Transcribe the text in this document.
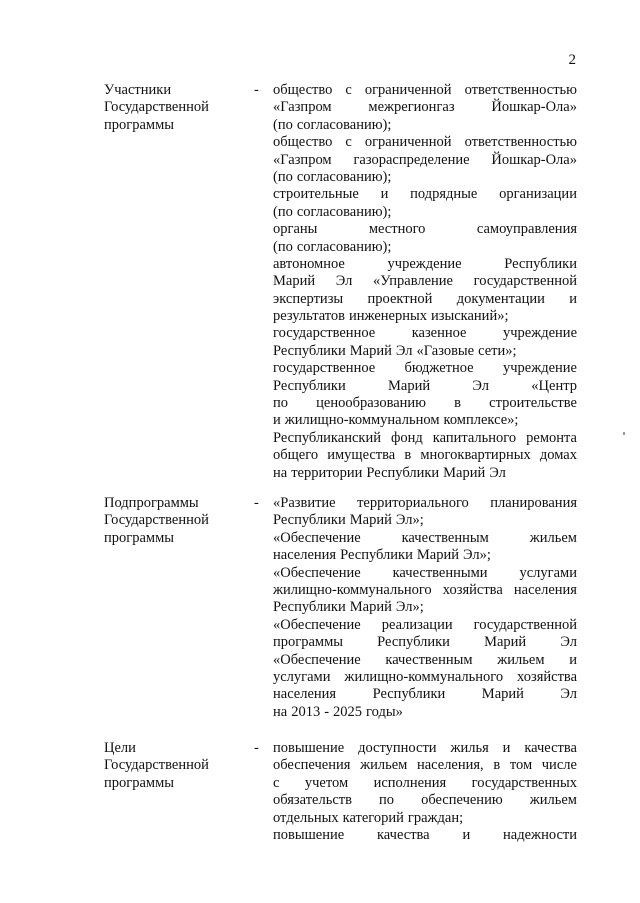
2
Участники
Государственной
программы
- общество с ограниченной ответственностью
«Газпром	межрегионгаз	Йошкар-Ола»
(по согласованию);
общество с ограниченной ответственностью
«Газпром газораспределение Йошкар-Ола»
(по согласованию);
строительные и подрядные организации
(по согласованию);
органы	местного	самоуправления
(по согласованию);
автономное	учреждение	Республики
Марий Эл «Управление государственной
экспертизы проектной документации и
результатов инженерных изысканий»;
государственное	казенное	учреждение
Республики Марий Эл «Газовые сети»;
государственное бюджетное учреждение
Республики	Марий	Эл	«Центр
по ценообразованию в строительстве
и жилищно-коммунальном комплексе»;
Республиканский фонд капитального ремонта
общего имущества в многоквартирных домах
на территории Республики Марий Эл
Подпрограммы
Государственной
программы
- «Развитие территориального планирования
Республики Марий Эл»;
«Обеспечение	качественным	жильем
населения Республики Марий Эл»;
«Обеспечение качественными услугами
жилищно-коммунального хозяйства населения
Республики Марий Эл»;
«Обеспечение реализации государственной
программы Республики Марий Эл
«Обеспечение качественным жильем и
услугами жилищно-коммунального хозяйства
населения	Республики	Марий	Эл
на 2013 - 2025 годы»
Цели
Государственной
программы
- повышение доступности жилья и качества
обеспечения жильем населения, в том числе
с учетом исполнения государственных
обязательств по обеспечению жильем
отдельных категорий граждан;
повышение качества и надежности
